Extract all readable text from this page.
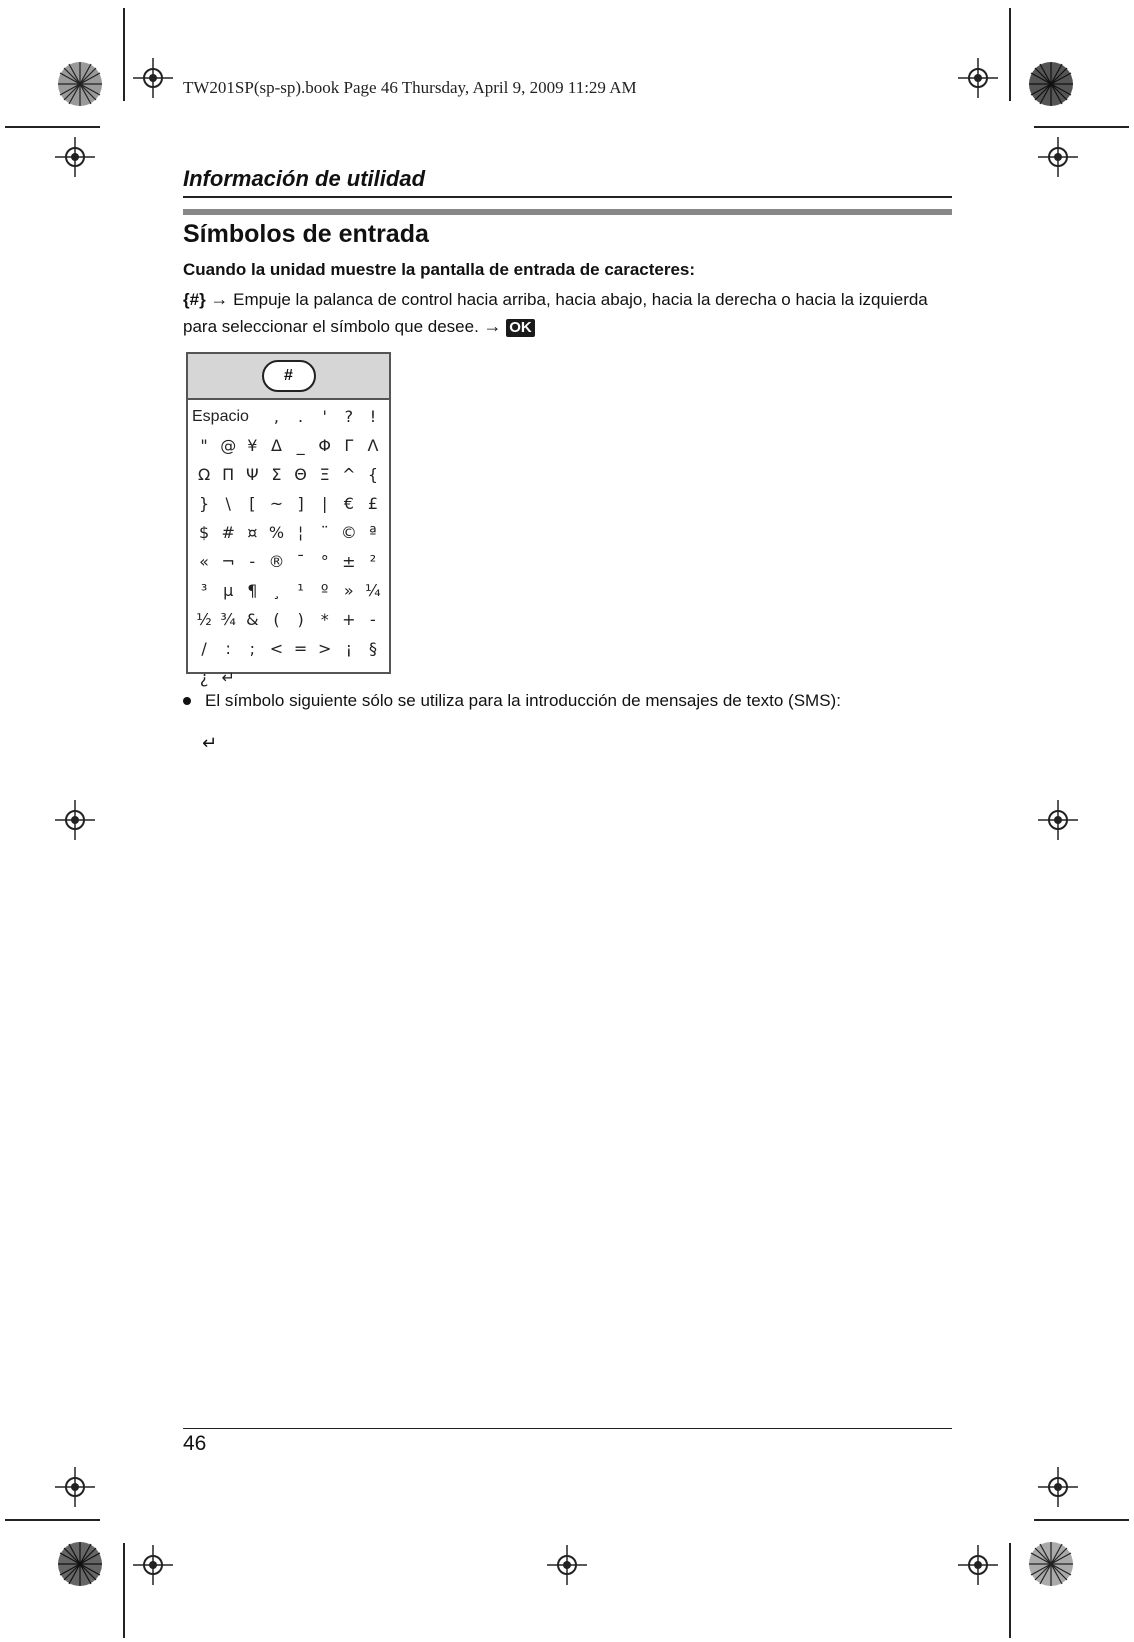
TW201SP(sp-sp).book Page 46 Thursday, April 9, 2009 11:29 AM
Información de utilidad
Símbolos de entrada
Cuando la unidad muestre la pantalla de entrada de caracteres:
{#} → Empuje la palanca de control hacia arriba, hacia abajo, hacia la derecha o hacia la izquierda para seleccionar el símbolo que desee. → OK
#
Espacio	,	.	'	?	!
" @ ¥ Δ _ Φ Γ Λ
Ω Π Ψ Σ Θ Ξ ^ {
}	\	[ ~ ]	|	€ £
$ # ¤ % ¦	¨ © ª
« ¬ - ® ¯	° ± ²
³ µ ¶ ¸	¹	º » ¼
½ ¾ & (	)	* + -
/	:	; < = > ¡	§
¿ ↵
El símbolo siguiente sólo se utiliza para la introducción de mensajes de texto (SMS):
↵
46
